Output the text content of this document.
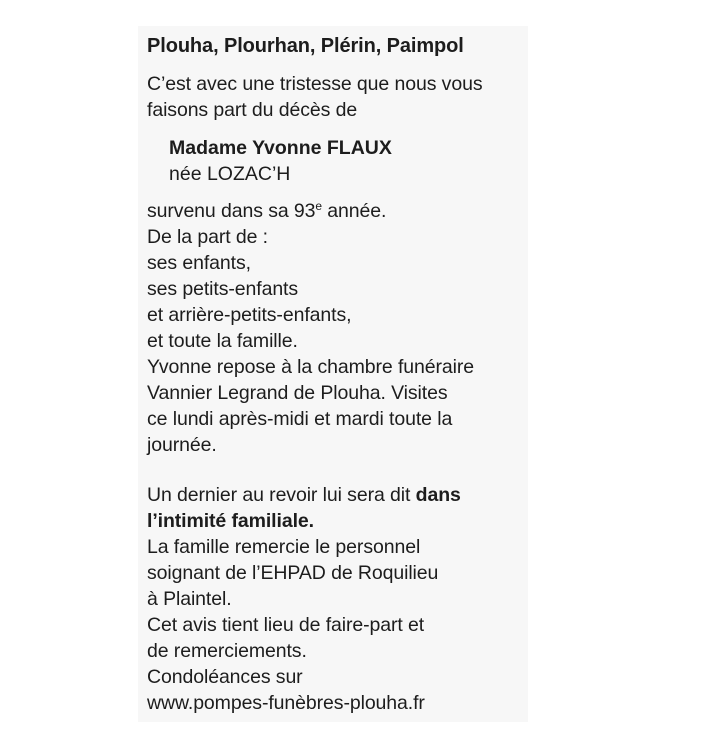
Plouha, Plourhan, Plérin, Paimpol
C’est avec une tristesse que nous vous
faisons part du décès de
Madame Yvonne FLAUX
née LOZAC’H
survenu dans sa 93e année.
De la part de :
ses enfants,
ses petits-enfants
et arrière-petits-enfants,
et toute la famille.
Yvonne repose à la chambre funéraire
Vannier Legrand de Plouha. Visites
ce lundi après-midi et mardi toute la
journée.
Un dernier au revoir lui sera dit dans
l’intimité familiale.
La famille remercie le personnel
soignant de l’EHPAD de Roquilieu
à Plaintel.
Cet avis tient lieu de faire-part et
de remerciements.
Condoléances sur
www.pompes-funèbres-plouha.fr
